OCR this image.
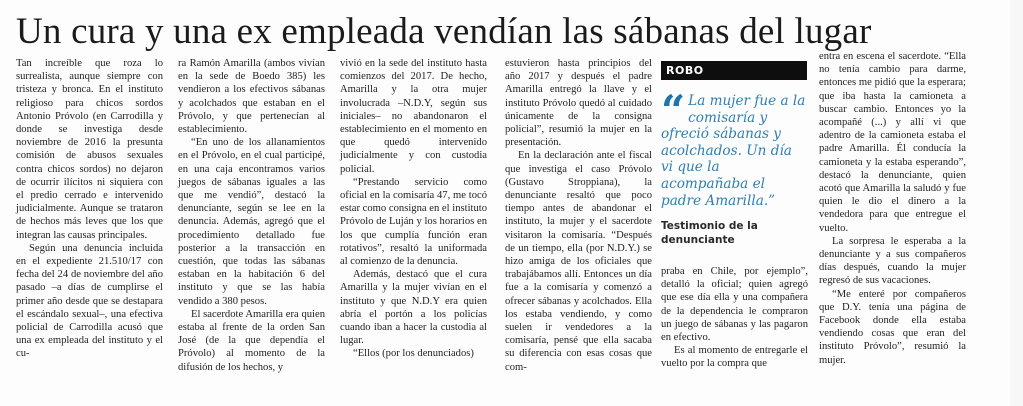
Un cura y una ex empleada vendían las sábanas del lugar

Tan increíble que roza lo surrealista, aunque siempre con tristeza y bronca. En el instituto religioso para chicos sordos Antonio Próvolo (en Carrodilla y donde se investiga desde noviembre de 2016 la presunta comisión de abusos sexuales contra chicos sordos) no dejaron de ocurrir ilícitos ni siquiera con el predio cerrado e intervenido judicialmente. Aunque se trataron de hechos más leves que los que integran las causas principales.

Según una denuncia incluida en el expediente 21.510/17 con fecha del 24 de noviembre del año pasado –a días de cumplirse el primer año desde que se destapara el escándalo sexual–, una efectiva policial de Carrodilla acusó que una ex empleada del instituto y el cu-

ra Ramón Amarilla (ambos vivían en la sede de Boedo 385) les vendieron a los efectivos sábanas y acolchados que estaban en el Próvolo, y que pertenecían al establecimiento.

“En uno de los allanamientos en el Próvolo, en el cual participé, en una caja encontramos varios juegos de sábanas iguales a las que me vendió”, destacó la denunciante, según se lee en la denuncia. Además, agregó que el procedimiento detallado fue posterior a la transacción en cuestión, que todas las sábanas estaban en la habitación 6 del instituto y que se las había vendido a 380 pesos.

El sacerdote Amarilla era quien estaba al frente de la orden San José (de la que dependía el Próvolo) al momento de la difusión de los hechos, y

vivió en la sede del instituto hasta comienzos del 2017. De hecho, Amarilla y la otra mujer involucrada –N.D.Y, según sus iniciales– no abandonaron el establecimiento en el momento en que quedó intervenido judicialmente y con custodia policial.

“Prestando servicio como oficial en la comisaría 47, me tocó estar como consigna en el instituto Próvolo de Luján y los horarios en los que cumplía función eran rotativos”, resaltó la uniformada al comienzo de la denuncia.

Además, destacó que el cura Amarilla y la mujer vivían en el instituto y que N.D.Y era quien abría el portón a los policías cuando iban a hacer la custodia al lugar.

“Ellos (por los denunciados)

estuvieron hasta principios del año 2017 y después el padre Amarilla entregó la llave y el instituto Próvolo quedó al cuidado únicamente de la consigna policial”, resumió la mujer en la presentación.

En la declaración ante el fiscal que investiga el caso Próvolo (Gustavo Stroppiana), la denunciante resaltó que poco tiempo antes de abandonar el instituto, la mujer y el sacerdote visitaron la comisaría. “Después de un tiempo, ella (por N.D.Y.) se hizo amiga de los oficiales que trabajábamos allí. Entonces un día fue a la comisaría y comenzó a ofrecer sábanas y acolchados. Ella los estaba vendiendo, y como suelen ir vendedores a la comisaría, pensé que ella sacaba su diferencia con esas cosas que com-

ROBO
“ La mujer fue a la comisaría y ofreció sábanas y acolchados. Un día vi que la acompañaba el padre Amarilla.”
Testimonio de la denunciante

praba en Chile, por ejemplo”, detalló la oficial; quien agregó que ese día ella y una compañera de la dependencia le compraron un juego de sábanas y las pagaron en efectivo.

Es al momento de entregarle el vuelto por la compra que

entra en escena el sacerdote. “Ella no tenía cambio para darme, entonces me pidió que la esperara; que iba hasta la camioneta a buscar cambio. Entonces yo la acompañé (...) y allí vi que adentro de la camioneta estaba el padre Amarilla. Él conducía la camioneta y la estaba esperando”, destacó la denunciante, quien acotó que Amarilla la saludó y fue quien le dio el dinero a la vendedora para que entregue el vuelto.

La sorpresa le esperaba a la denunciante y a sus compañeros días después, cuando la mujer regresó de sus vacaciones.

“Me enteré por compañeros que D.Y. tenía una página de Facebook donde ella estaba vendiendo cosas que eran del instituto Próvolo”, resumió la mujer.
